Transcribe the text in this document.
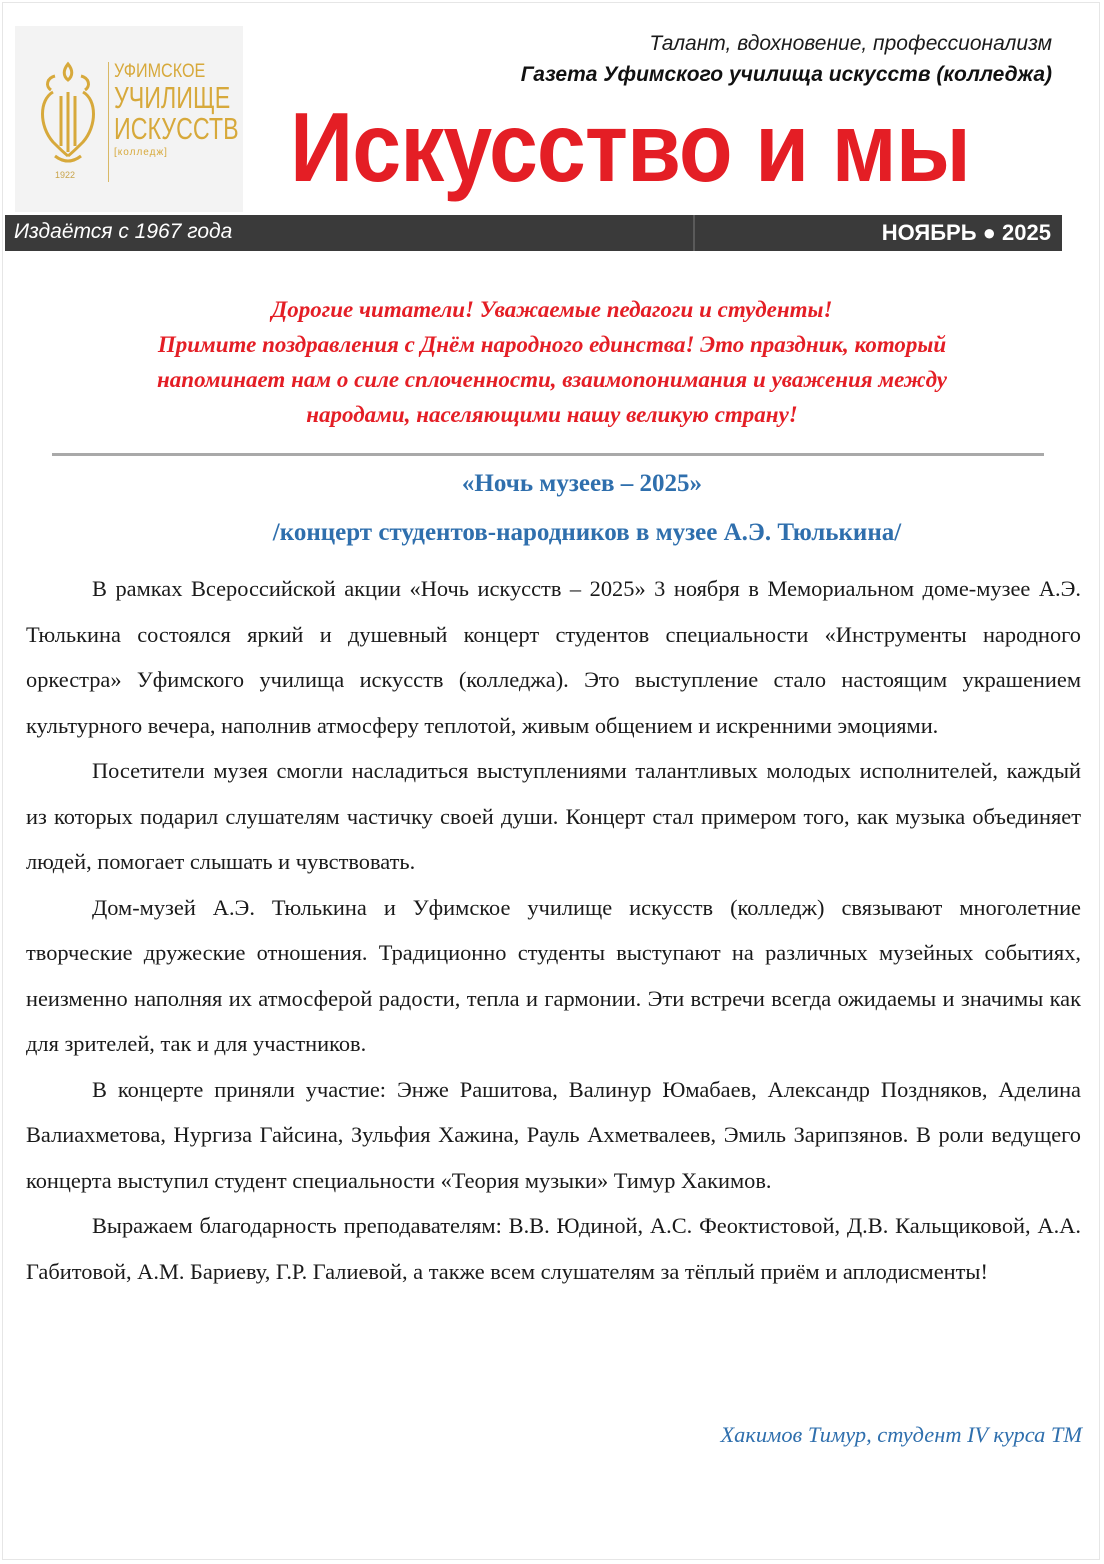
1922
УФИМСКОЕ
УЧИЛИЩЕ
ИСКУССТВ
[колледж]
Талант, вдохновение, профессионализм
Газета Уфимского училища искусств (колледжа)
Искусство и мы
Издаётся с 1967 года	НОЯБРЬ ● 2025
Дорогие читатели! Уважаемые педагоги и студенты!
Примите поздравления с Днём народного единства! Это праздник, который
напоминает нам о силе сплоченности, взаимопонимания и уважения между
народами, населяющими нашу великую страну!
«Ночь музеев – 2025»
/концерт студентов-народников в музее А.Э. Тюлькина/

В рамках Всероссийской акции «Ночь искусств – 2025» 3 ноября в Мемориальном доме-музее А.Э. Тюлькина состоялся яркий и душевный концерт студентов специальности «Инструменты народного оркестра» Уфимского училища искусств (колледжа). Это выступление стало настоящим украшением культурного вечера, наполнив атмосферу теплотой, живым общением и искренними эмоциями.

Посетители музея смогли насладиться выступлениями талантливых молодых исполнителей, каждый из которых подарил слушателям частичку своей души. Концерт стал примером того, как музыка объединяет людей, помогает слышать и чувствовать.

Дом-музей А.Э. Тюлькина и Уфимское училище искусств (колледж) связывают многолетние творческие дружеские отношения. Традиционно студенты выступают на различных музейных событиях, неизменно наполняя их атмосферой радости, тепла и гармонии. Эти встречи всегда ожидаемы и значимы как для зрителей, так и для участников.

В концерте приняли участие: Энже Рашитова, Валинур Юмабаев, Александр Поздняков, Аделина Валиахметова, Нургиза Гайсина, Зульфия Хажина, Рауль Ахметвалеев, Эмиль Зарипзянов. В роли ведущего концерта выступил студент специальности «Теория музыки» Тимур Хакимов.

Выражаем благодарность преподавателям: В.В. Юдиной, А.С. Феоктистовой, Д.В. Кальщиковой, А.А. Габитовой, А.М. Бариеву, Г.Р. Галиевой, а также всем слушателям за тёплый приём и аплодисменты!

Хакимов Тимур, студент IV курса ТМ
